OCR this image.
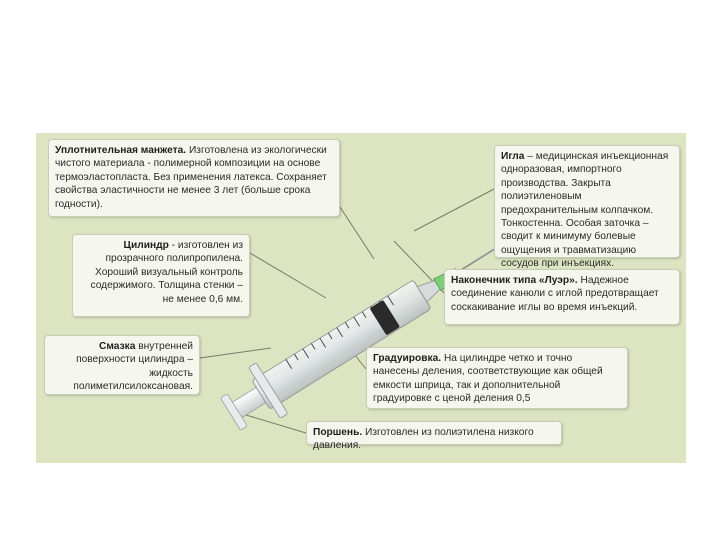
Уплотнительная манжета. Изготовлена из экологически чистого материала - полимерной композиции на основе термоэластопласта. Без применения латекса. Сохраняет свойства эластичности не менее 3 лет (больше срока годности).
Цилиндр - изготовлен из прозрачного полипропилена. Хороший визуальный контроль содержимого. Толщина стенки – не менее 0,6 мм.
Смазка внутренней поверхности цилиндра – жидкость полиметилсилоксановая.
Игла – медицинская инъекционная одноразовая, импортного производства. Закрыта полиэтиленовым предохранительным колпачком. Тонкостенна. Особая заточка – сводит к минимуму болевые ощущения и травматизацию сосудов при инъекциях.
Наконечник типа «Луэр». Надежное соединение канюли с иглой предотвращает соскакивание иглы во время инъекций.
Градуировка. На цилиндре четко и точно нанесены деления, соответствующие как общей емкости шприца, так и дополнительной градуировке с ценой деления 0,5
Поршень. Изготовлен из полиэтилена низкого давления.
